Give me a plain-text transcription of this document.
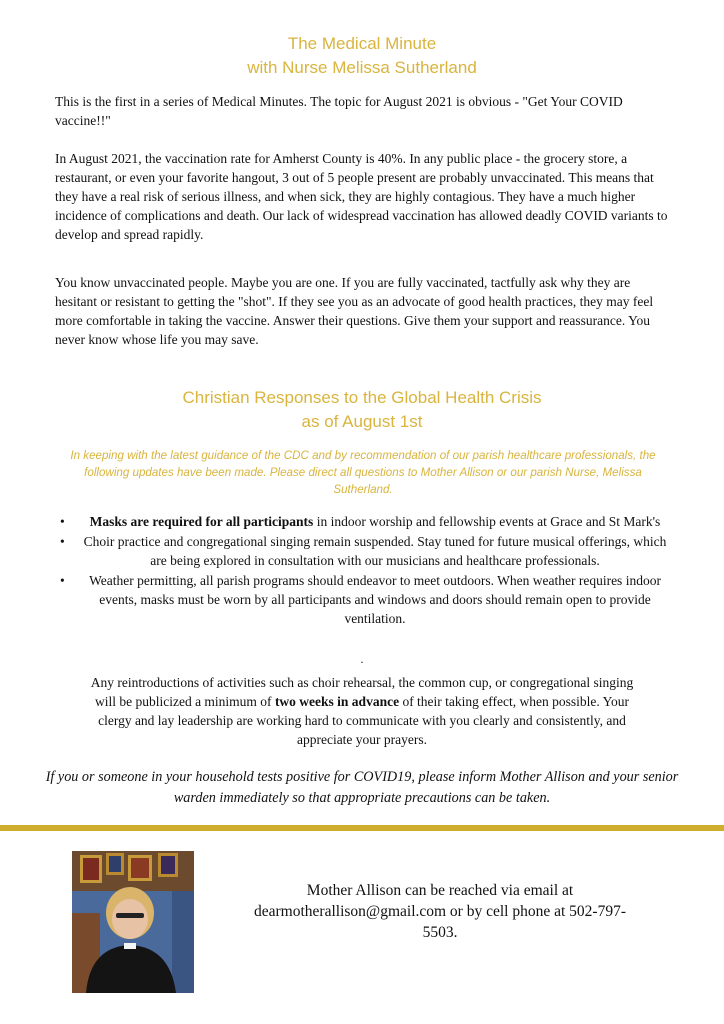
The Medical Minute
with Nurse Melissa Sutherland

This is the first in a series of Medical Minutes. The topic for August 2021 is obvious - "Get Your COVID vaccine!!"

In August 2021, the vaccination rate for Amherst County is 40%. In any public place - the grocery store, a restaurant, or even your favorite hangout, 3 out of 5 people present are probably unvaccinated. This means that they have a real risk of serious illness, and when sick, they are highly contagious. They have a much higher incidence of complications and death. Our lack of widespread vaccination has allowed deadly COVID variants to develop and spread rapidly.

You know unvaccinated people. Maybe you are one. If you are fully vaccinated, tactfully ask why they are hesitant or resistant to getting the "shot". If they see you as an advocate of good health practices, they may feel more comfortable in taking the vaccine. Answer their questions. Give them your support and reassurance. You never know whose life you may save.

Christian Responses to the Global Health Crisis
as of August 1st

In keeping with the latest guidance of the CDC and by recommendation of our parish healthcare professionals, the following updates have been made. Please direct all questions to Mother Allison or our parish Nurse, Melissa Sutherland.

• Masks are required for all participants in indoor worship and fellowship events at Grace and St Mark's
• Choir practice and congregational singing remain suspended. Stay tuned for future musical offerings, which are being explored in consultation with our musicians and healthcare professionals.
• Weather permitting, all parish programs should endeavor to meet outdoors. When weather requires indoor events, masks must be worn by all participants and windows and doors should remain open to provide ventilation.

.

Any reintroductions of activities such as choir rehearsal, the common cup, or congregational singing will be publicized a minimum of two weeks in advance of their taking effect, when possible. Your clergy and lay leadership are working hard to communicate with you clearly and consistently, and appreciate your prayers.

If you or someone in your household tests positive for COVID19, please inform Mother Allison and your senior warden immediately so that appropriate precautions can be taken.

Mother Allison can be reached via email at dearmotherallison@gmail.com or by cell phone at 502-797-5503.
